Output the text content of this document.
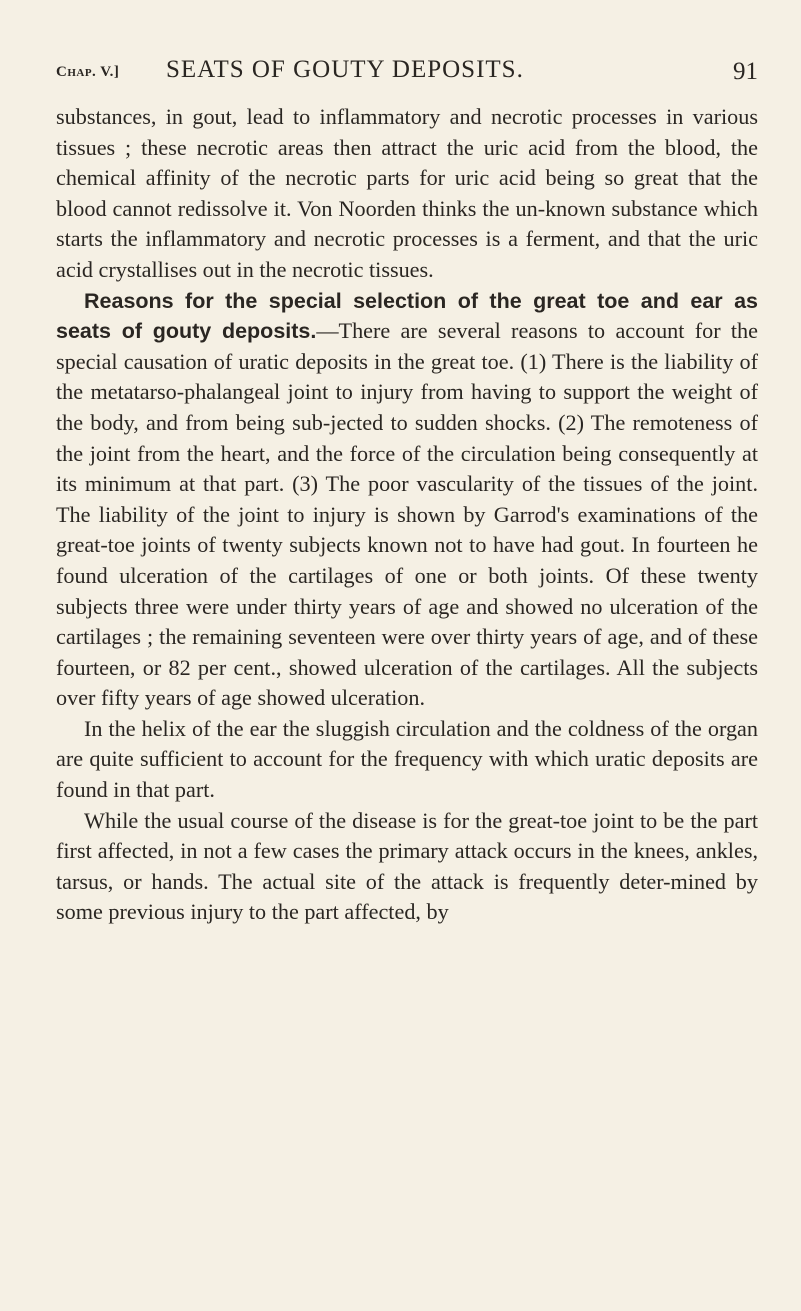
Chap. V.] SEATS OF GOUTY DEPOSITS.	91

substances, in gout, lead to inflammatory and necrotic processes in various tissues ; these necrotic areas then attract the uric acid from the blood, the chemical affinity of the necrotic parts for uric acid being so great that the blood cannot redissolve it. Von Noorden thinks the un-known substance which starts the inflammatory and necrotic processes is a ferment, and that the uric acid crystallises out in the necrotic tissues.

Reasons for the special selection of the great toe and ear as seats of gouty deposits.—There are several reasons to account for the special causation of uratic deposits in the great toe. (1) There is the liability of the metatarso-phalangeal joint to injury from having to support the weight of the body, and from being sub-jected to sudden shocks. (2) The remoteness of the joint from the heart, and the force of the circulation being consequently at its minimum at that part. (3) The poor vascularity of the tissues of the joint. The liability of the joint to injury is shown by Garrod's examinations of the great-toe joints of twenty subjects known not to have had gout. In fourteen he found ulceration of the cartilages of one or both joints. Of these twenty subjects three were under thirty years of age and showed no ulceration of the cartilages ; the remaining seventeen were over thirty years of age, and of these fourteen, or 82 per cent., showed ulceration of the cartilages. All the subjects over fifty years of age showed ulceration.

In the helix of the ear the sluggish circulation and the coldness of the organ are quite sufficient to account for the frequency with which uratic deposits are found in that part.

While the usual course of the disease is for the great-toe joint to be the part first affected, in not a few cases the primary attack occurs in the knees, ankles, tarsus, or hands. The actual site of the attack is frequently deter-mined by some previous injury to the part affected, by
